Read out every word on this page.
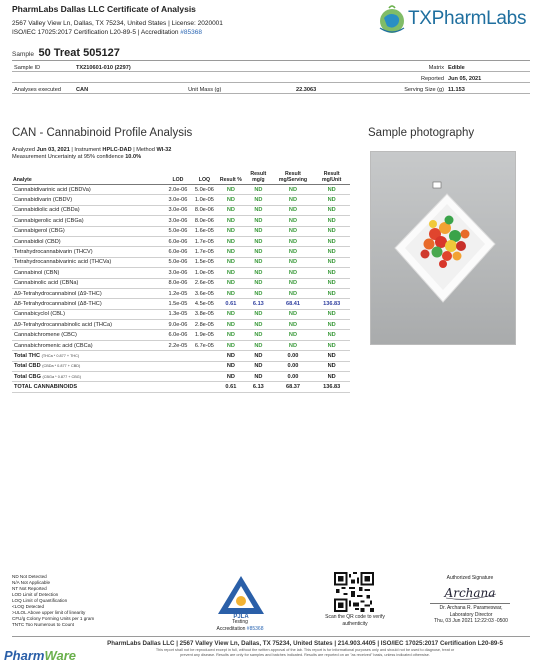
PharmLabs Dallas LLC Certificate of Analysis
2567 Valley View Ln, Dallas, TX 75234, United States | License: 2020001
ISO/IEC 17025:2017 Certification L20-89-5 | Accreditation #85368
TXPharmLabs
Sample 50 Treat 505127
Sample ID	TX210601-010 (2297)		Matrix	Edible
			Reported	Jun 05, 2021
Analyses executed	CAN Unit Mass (g)	22.3063	Serving Size (g)	11.153
CAN - Cannabinoid Profile Analysis	Sample photography
Analyzed Jun 03, 2021 | Instrument HPLC-DAD | Method WI-32
Measurement Uncertainty at 95% confidence 10.0%
Analyte	LOD	LOQ	Result %	Result mg/g	Result mg/Serving	Result mg/Unit
Cannabidivarinic acid (CBDVa)	2.0e-06	5.0e-06	ND	ND	ND	ND
Cannabidivarin (CBDV)	3.0e-06	1.0e-05	ND	ND	ND	ND
Cannabidiolic acid (CBDa)	3.0e-06	8.0e-06	ND	ND	ND	ND
Cannabigerolic acid (CBGa)	3.0e-06	8.0e-06	ND	ND	ND	ND
Cannabigerol (CBG)	5.0e-06	1.6e-05	ND	ND	ND	ND
Cannabidiol (CBD)	6.0e-06	1.7e-05	ND	ND	ND	ND
Tetrahydrocannabivarin (THCV)	6.0e-06	1.7e-05	ND	ND	ND	ND
Tetrahydrocannabivarinic acid (THCVa)	5.0e-06	1.5e-05	ND	ND	ND	ND
Cannabinol (CBN)	3.0e-06	1.0e-05	ND	ND	ND	ND
Cannabinolic acid (CBNa)	8.0e-06	2.6e-05	ND	ND	ND	ND
Δ9-Tetrahydrocannabinol (Δ9-THC)	1.2e-05	3.6e-05	ND	ND	ND	ND
Δ8-Tetrahydrocannabinol (Δ8-THC)	1.5e-05	4.5e-05	0.61	6.13	68.41	136.83
Cannabicyclol (CBL)	1.3e-05	3.8e-05	ND	ND	ND	ND
Δ9-Tetrahydrocannabinolic acid (THCa)	9.0e-06	2.8e-05	ND	ND	ND	ND
Cannabichromene (CBC)	6.0e-06	1.9e-05	ND	ND	ND	ND
Cannabichromenic acid (CBCa)	2.2e-05	6.7e-05	ND	ND	ND	ND
Total THC (THCa * 0.877 + THC)			ND	ND	0.00	ND
Total CBD (CBDa * 0.877 + CBD)			ND	ND	0.00	ND
Total CBG (CBGa * 0.877 + CBG)			ND	ND	0.00	ND
TOTAL CANNABINOIDS			0.61	6.13	68.37	136.83
ND Not Detected
N/A Not Applicable
NT Not Reported
LOD Limit of Detection
LOQ Limit of Quantification
<LOQ Detected
>ULOL Above upper limit of linearity
CFU/g Colony Forming Units per 1 gram
TNTC Too Numerous to Count
PJLA
Testing
Accreditation #85368
Scan the QR code to verify authenticity
Authorized Signature
Archana
Dr. Archana R. Parameswar,
Laboratory Director
Thu, 03 Jun 2021 12:22:03 -0500
PharmLabs Dallas LLC | 2567 Valley View Ln, Dallas, TX 75234, United States | 214.903.4405 | ISO/IEC 17025:2017 Certification L20-89-5
This report shall not be reproduced except in full, without the written approval of the lab. This report is for informational purposes only and should not be used to diagnose, treat or
prevent any disease. Results are only for samples and batches indicated. Results are reported on an "as received" basis, unless indicated otherwise.
PharmWare
